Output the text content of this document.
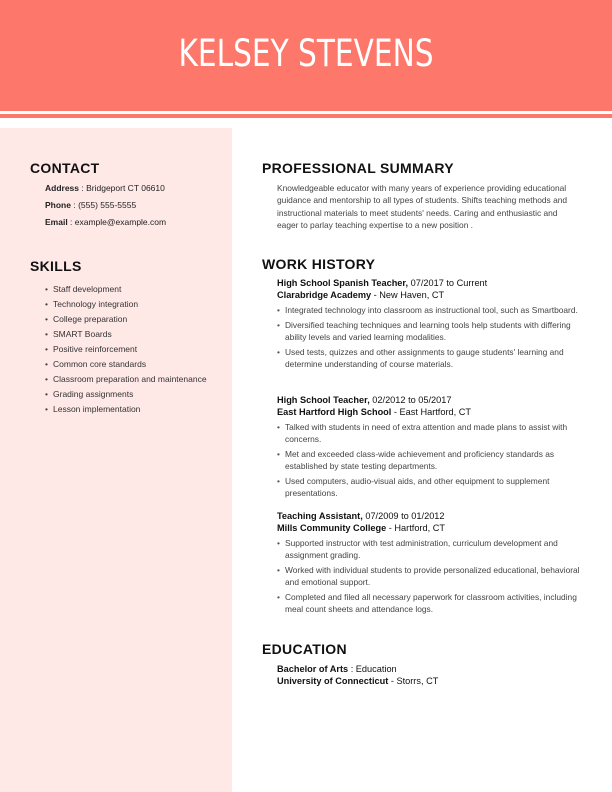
KELSEY STEVENS
CONTACT
Address : Bridgeport CT 06610
Phone : (555) 555-5555
Email : example@example.com
SKILLS
• Staff development
• Technology integration
• College preparation
• SMART Boards
• Positive reinforcement
• Common core standards
• Classroom preparation and maintenance
• Grading assignments
• Lesson implementation
PROFESSIONAL SUMMARY

Knowledgeable educator with many years of experience providing educational guidance and mentorship to all types of students. Shifts teaching methods and instructional materials to meet students' needs. Caring and enthusiastic and eager to parlay teaching expertise to a new position .

WORK HISTORY
High School Spanish Teacher, 07/2017 to Current
Clarabridge Academy - New Haven, CT
• Integrated technology into classroom as instructional tool, such as Smartboard.
• Diversified teaching techniques and learning tools help students with differing ability levels and varied learning modalities.
• Used tests, quizzes and other assignments to gauge students' learning and determine understanding of course materials.
High School Teacher, 02/2012 to 05/2017
East Hartford High School - East Hartford, CT
• Talked with students in need of extra attention and made plans to assist with concerns.
• Met and exceeded class-wide achievement and proficiency standards as established by state testing departments.
• Used computers, audio-visual aids, and other equipment to supplement presentations.
Teaching Assistant, 07/2009 to 01/2012
Mills Community College - Hartford, CT
• Supported instructor with test administration, curriculum development and assignment grading.
• Worked with individual students to provide personalized educational, behavioral and emotional support.
• Completed and filed all necessary paperwork for classroom activities, including meal count sheets and attendance logs.
EDUCATION
Bachelor of Arts : Education
University of Connecticut - Storrs, CT
